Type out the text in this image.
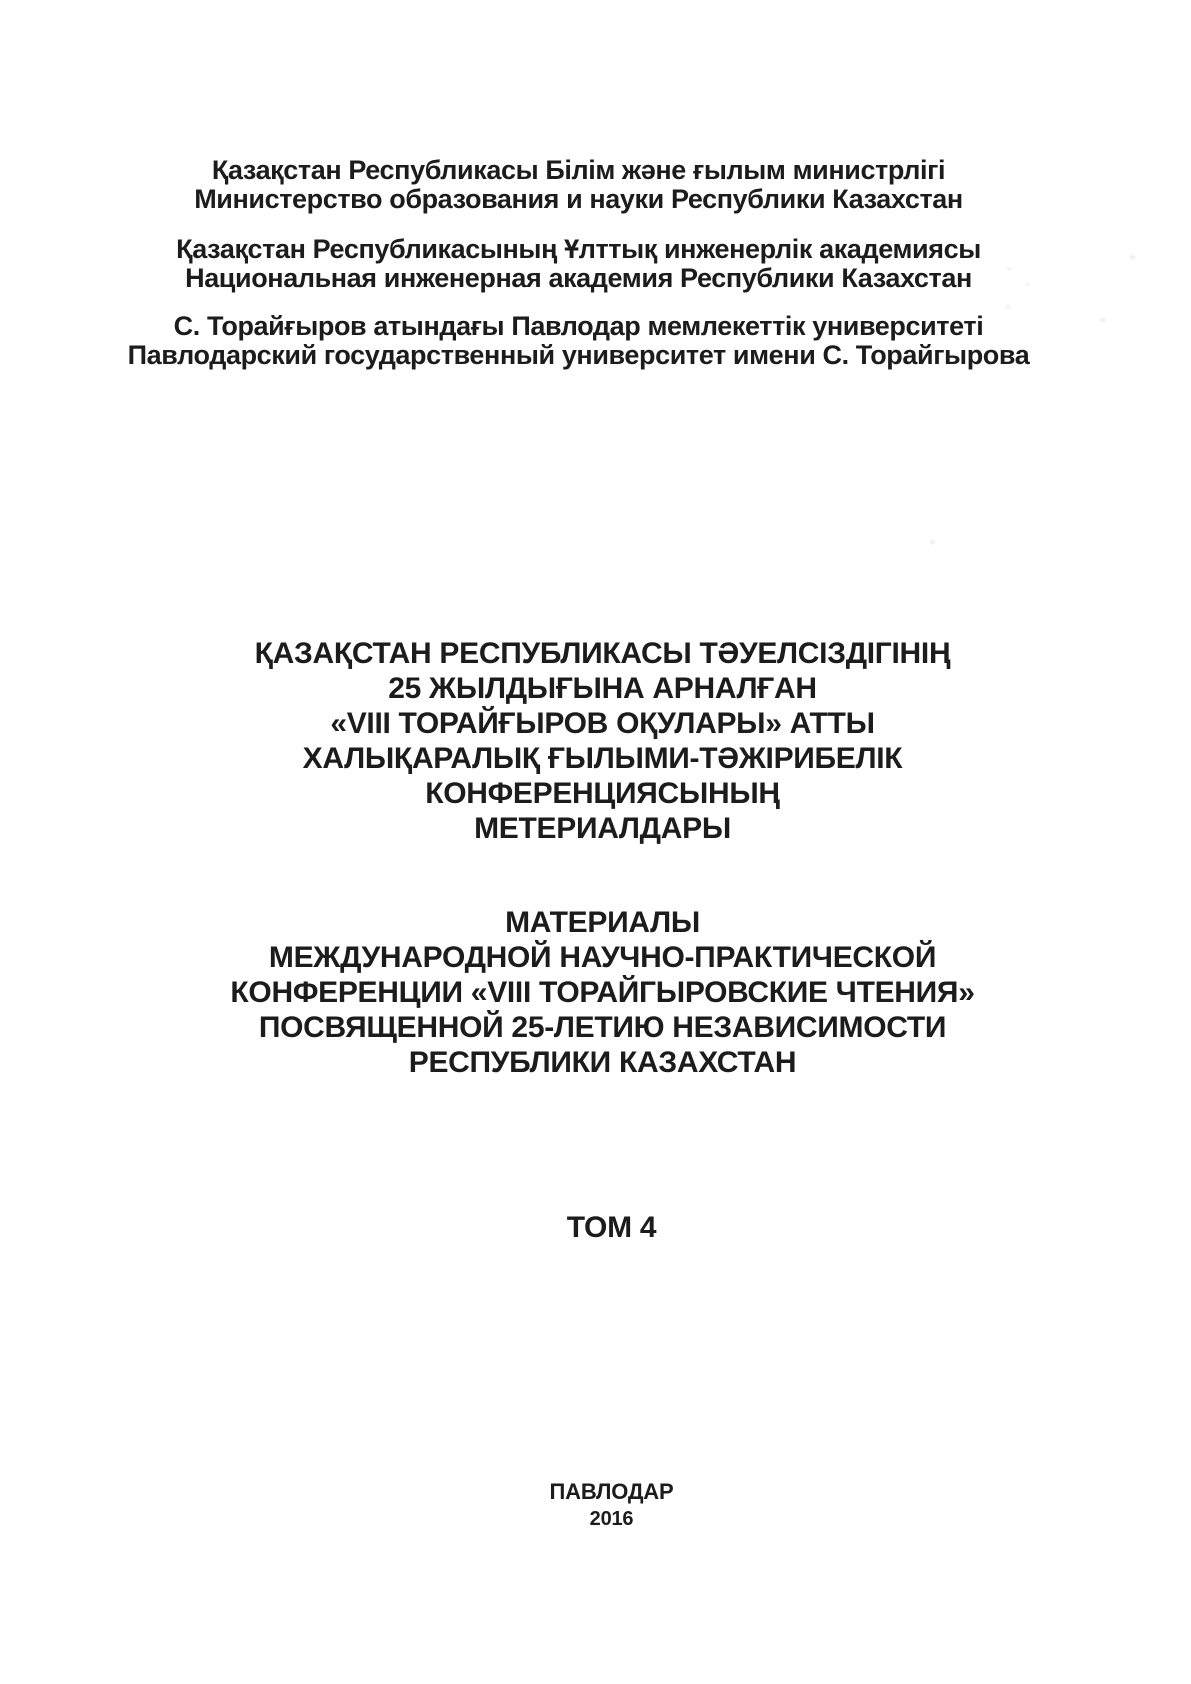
Қазақстан Республикасы Білім және ғылым министрлігі
Министерство образования и науки Республики Казахстан
Қазақстан Республикасының Ұлттық инженерлік академиясы
Национальная инженерная академия Республики Казахстан
С. Торайғыров атындағы Павлодар мемлекеттік университеті
Павлодарский государственный университет имени С. Торайгырова
ҚАЗАҚСТАН РЕСПУБЛИКАСЫ ТӘУЕЛСІЗДІГІНІҢ
25 ЖЫЛДЫҒЫНА АРНАЛҒАН
«VIII ТОРАЙҒЫРОВ ОҚУЛАРЫ» АТТЫ
ХАЛЫҚАРАЛЫҚ ҒЫЛЫМИ-ТӘЖІРИБЕЛІК
КОНФЕРЕНЦИЯСЫНЫҢ
МЕТЕРИАЛДАРЫ
МАТЕРИАЛЫ
МЕЖДУНАРОДНОЙ НАУЧНО-ПРАКТИЧЕСКОЙ
КОНФЕРЕНЦИИ «VIII ТОРАЙГЫРОВСКИЕ ЧТЕНИЯ»
ПОСВЯЩЕННОЙ 25-ЛЕТИЮ НЕЗАВИСИМОСТИ
РЕСПУБЛИКИ КАЗАХСТАН
ТОМ 4
ПАВЛОДАР
2016
